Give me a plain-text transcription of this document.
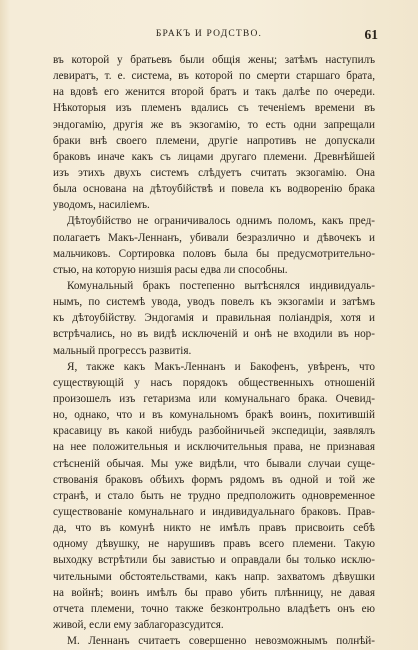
БРАКЪ И РОДСТВО.	61
въ которой у братьевъ были общія жены; затѣмъ наступилъ
левиратъ, т. е. система, въ которой по смерти старшаго брата,
на вдовѣ его женится второй братъ и такъ далѣе по очереди.
Нѣкоторыя изъ племенъ вдались съ теченіемъ времени въ
эндогамію, другія же въ экзогамію, то есть одни запрещали
браки внѣ своего племени, другіе напротивъ не допускали
браковъ иначе какъ съ лицами другаго племени. Древнѣйшей
изъ этихъ двухъ системъ слѣдуетъ считать экзогамію. Она
была основана на дѣтоубійствѣ и повела къ водворенію брака
уводомъ, насиліемъ.
Дѣтоубійство не ограничивалось однимъ поломъ, какъ пред-
полагаетъ Макъ-Леннанъ, убивали безразлично и дѣвочекъ и
мальчиковъ. Сортировка половъ была бы предусмотрительно-
стью, на которую низшія расы едва ли способны.
Комунальный бракъ постепенно вытѣснялся индивидуаль-
нымъ, по системѣ увода, уводъ повелъ къ экзогаміи и затѣмъ
къ дѣтоубійству. Эндогамія и правильная поліандрія, хотя и
встрѣчались, но въ видѣ исключеній и онѣ не входили въ нор-
мальный прогрессъ развитія.
Я, также какъ Макъ-Леннанъ и Бакофенъ, увѣренъ, что
существующій у насъ порядокъ общественныхъ отношеній
произошелъ изъ гетаризма или комунальнаго брака. Очевид-
но, однако, что и въ комунальномъ бракѣ воинъ, похитившій
красавицу въ какой нибудь разбойничьей экспедиціи, заявлялъ
на нее положительныя и исключительныя права, не признавая
стѣсненій обычая. Мы уже видѣли, что бывали случаи суще-
ствованія браковъ обѣихъ формъ рядомъ въ одной и той же
странѣ, и стало быть не трудно предположить одновременное
существованіе комунальнаго и индивидуальнаго браковъ. Прав-
да, что въ комунѣ никто не имѣлъ правъ присвоить себѣ
одному дѣвушку, не нарушивъ правъ всего племени. Такую
выходку встрѣтили бы завистью и оправдали бы только исклю-
чительными обстоятельствами, какъ напр. захватомъ дѣвушки
на войнѣ; воинъ имѣлъ бы право убить плѣнницу, не давая
отчета племени, точно также безконтрольно владѣетъ онъ ею
живой, если ему заблагоразсудится.
М. Леннанъ считаетъ совершенно невозможнымъ полнѣй-
